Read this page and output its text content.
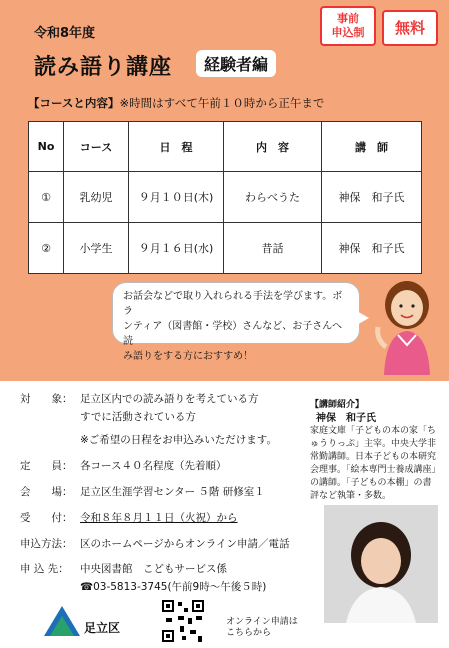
令和8年度
読み語り講座	経験者編
事前
申込制	無料
【コースと内容】※時間はすべて午前１０時から正午まで
No	コース	日　程	内　容	講　師
①	乳幼児	９月１０日(木)	わらべうた	神保　和子氏
②	小学生	９月１６日(水)	昔話	神保　和子氏
お話会などで取り入れられる手法を学びます。ボラ
ンティア（図書館・学校）さんなど、お子さんへ読
み語りをする方におすすめ！
対　　象： 足立区内での読み語りを考えている方
すでに活動されている方
※ご希望の日程をお申込みいただけます。
定　　員： 各コース４０名程度（先着順）
会　　場： 足立区生涯学習センター ５階 研修室１
受　　付： 令和８年８月１１日（火祝）から
申込方法： 区のホームページからオンライン申請／電話
申 込 先： 中央図書館　こどもサービス係
☎03-5813-3745(午前9時～午後５時)
【講師紹介】
神保　和子氏
家庭文庫「子どもの本の家「ちゅうりっぷ」主宰。中央大学非常勤講師。日本子どもの本研究会理事。「絵本専門士養成講座」の講師。「子どもの本棚」の書評など執筆・多数。
足立区	オンライン申請は
こちらから
